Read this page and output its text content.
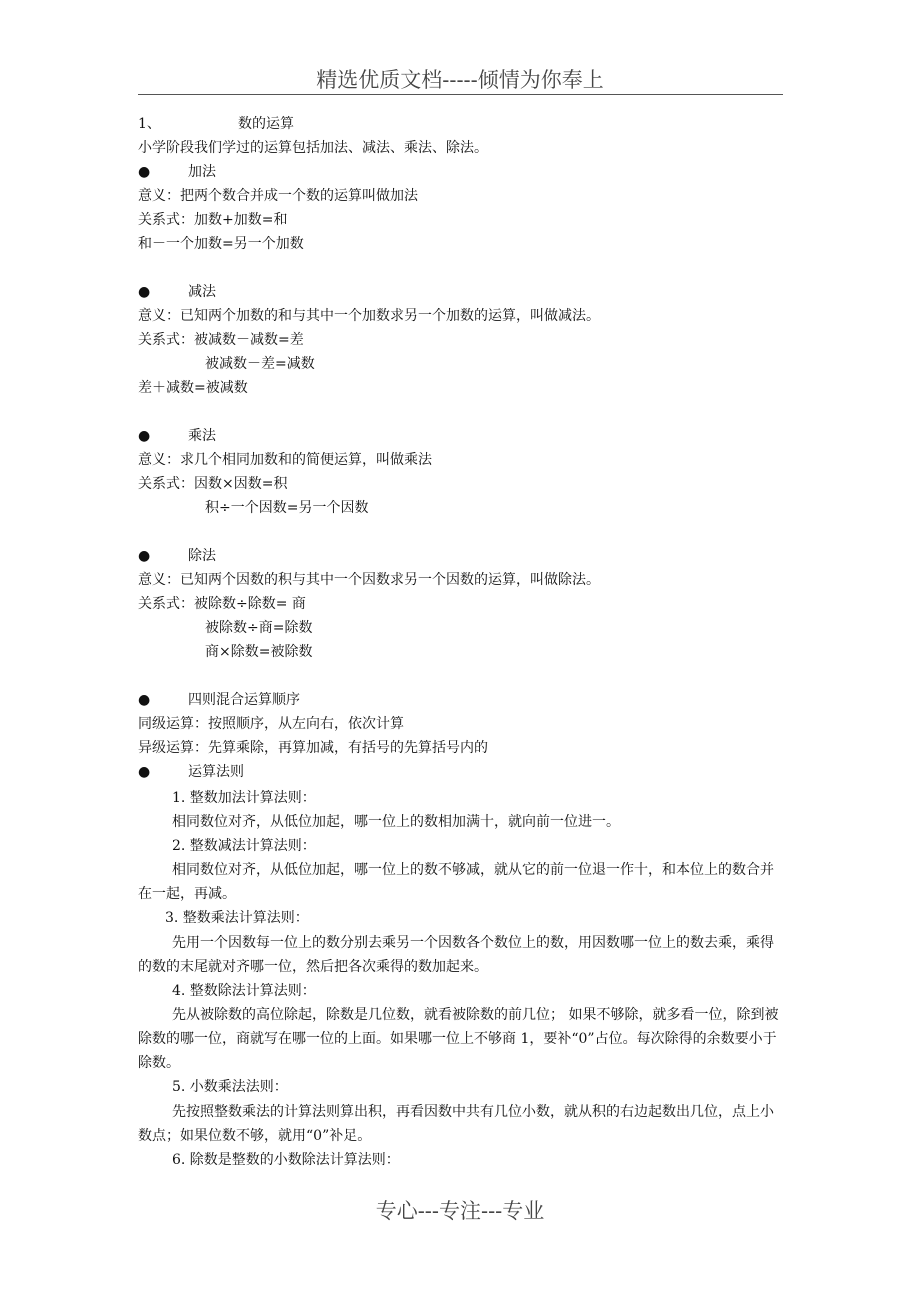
精选优质文档-----倾情为你奉上
1、	数的运算
小学阶段我们学过的运算包括加法、减法、乘法、除法。
●	加法
意义：把两个数合并成一个数的运算叫做加法
关系式：加数+加数=和
和－一个加数=另一个加数
●	减法
意义：已知两个加数的和与其中一个加数求另一个加数的运算，叫做减法。
关系式：被减数－减数=差
被减数－差=减数
差＋减数=被减数
●	乘法
意义：求几个相同加数和的简便运算，叫做乘法
关系式：因数×因数=积
积÷一个因数=另一个因数
●	除法
意义：已知两个因数的积与其中一个因数求另一个因数的运算，叫做除法。
关系式：被除数÷除数= 商
被除数÷商=除数
商×除数=被除数
●	四则混合运算顺序
同级运算：按照顺序，从左向右，依次计算
异级运算：先算乘除，再算加减，有括号的先算括号内的
●	运算法则
1. 整数加法计算法则：
相同数位对齐，从低位加起，哪一位上的数相加满十，就向前一位进一。
2. 整数减法计算法则：
相同数位对齐，从低位加起，哪一位上的数不够减，就从它的前一位退一作十，和本位上的数合并在一起，再减。
3. 整数乘法计算法则：
先用一个因数每一位上的数分别去乘另一个因数各个数位上的数，用因数哪一位上的数去乘，乘得的数的末尾就对齐哪一位，然后把各次乘得的数加起来。
4. 整数除法计算法则：
先从被除数的高位除起，除数是几位数，就看被除数的前几位； 如果不够除，就多看一位，除到被除数的哪一位，商就写在哪一位的上面。如果哪一位上不够商 1，要补“0”占位。每次除得的余数要小于除数。
5. 小数乘法法则：
先按照整数乘法的计算法则算出积，再看因数中共有几位小数，就从积的右边起数出几位，点上小数点；如果位数不够，就用“0”补足。
6. 除数是整数的小数除法计算法则：
专心---专注---专业
